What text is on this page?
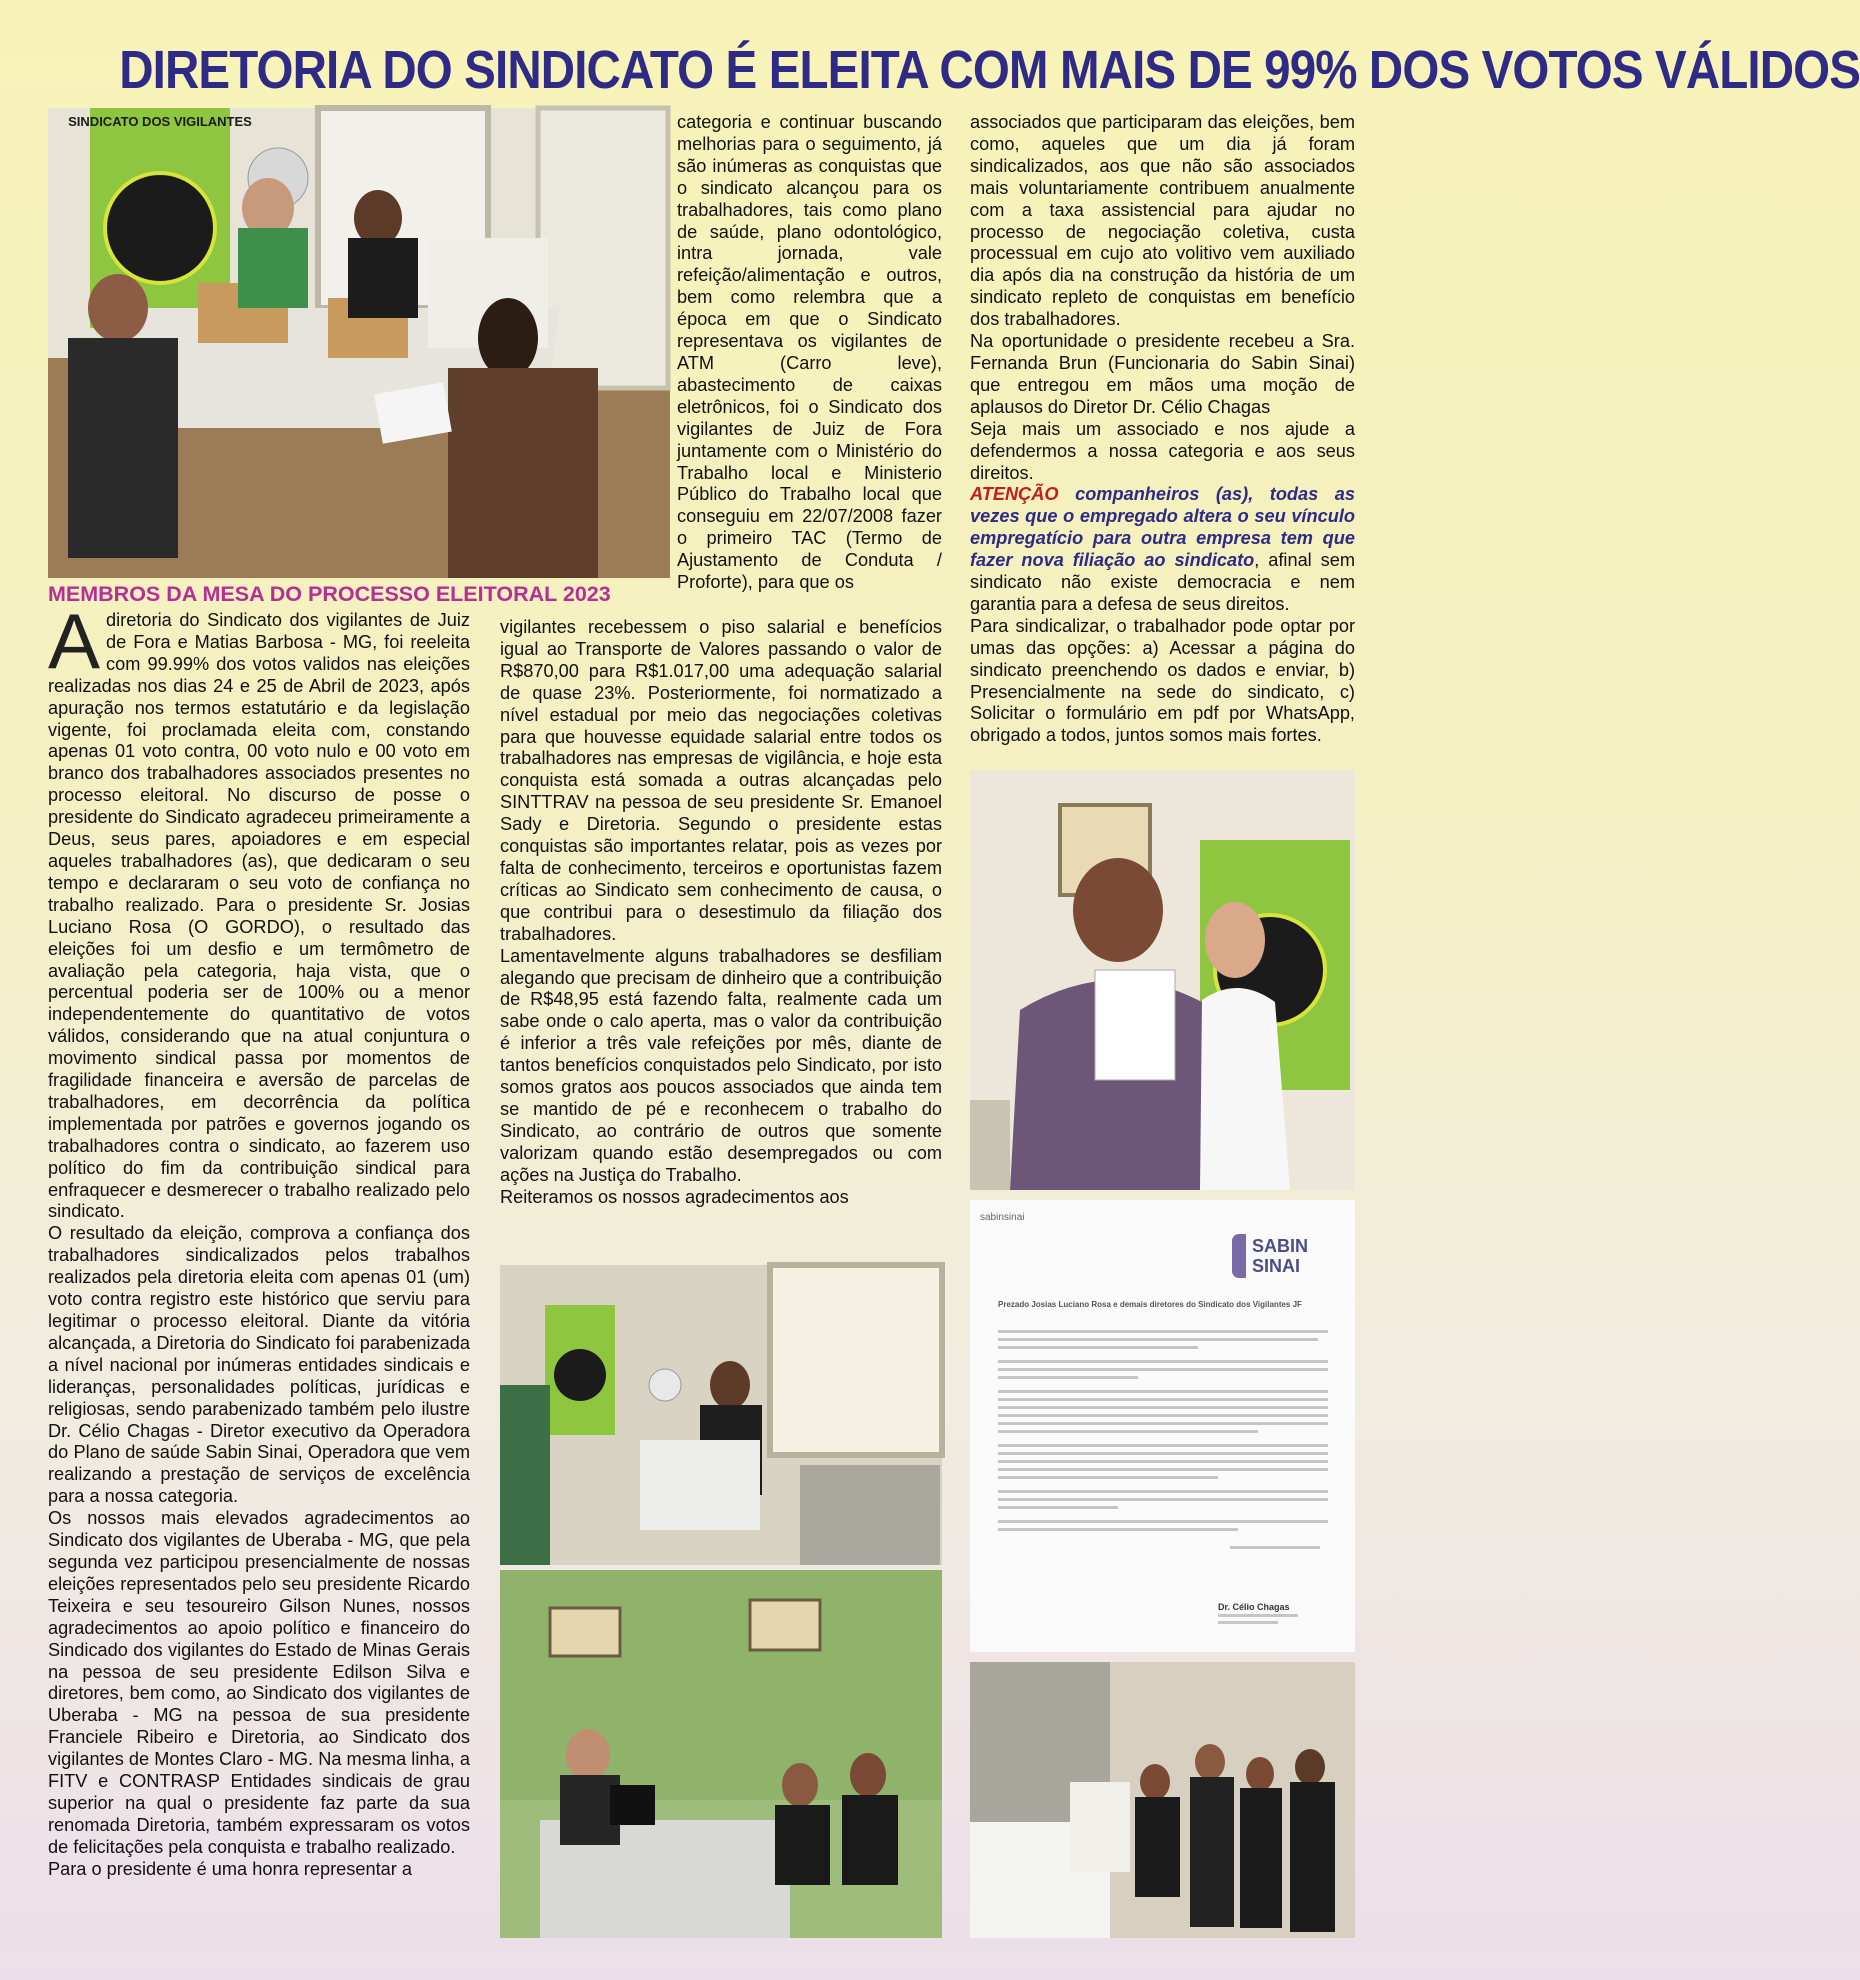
DIRETORIA DO SINDICATO É ELEITA COM MAIS DE 99% DOS VOTOS VÁLIDOS
SINDICATO DOS VIGILANTES
MEMBROS DA MESA DO PROCESSO ELEITORAL 2023

Adiretoria do Sindicato dos vigilantes de Juiz de Fora e Matias Barbosa - MG, foi reeleita com 99.99% dos votos validos nas eleições realizadas nos dias 24 e 25 de Abril de 2023, após apuração nos termos estatutário e da legislação vigente, foi proclamada eleita com, constando apenas 01 voto contra, 00 voto nulo e 00 voto em branco dos trabalhadores associados presentes no processo eleitoral. No discurso de posse o presidente do Sindicato agradeceu primeiramente a Deus, seus pares, apoiadores e em especial aqueles trabalhadores (as), que dedicaram o seu tempo e declararam o seu voto de confiança no trabalho realizado. Para o presidente Sr. Josias Luciano Rosa (O GORDO), o resultado das eleições foi um desfio e um termômetro de avaliação pela categoria, haja vista, que o percentual poderia ser de 100% ou a menor independentemente do quantitativo de votos válidos, considerando que na atual conjuntura o movimento sindical passa por momentos de fragilidade financeira e aversão de parcelas de trabalhadores, em decorrência da política implementada por patrões e governos jogando os trabalhadores contra o sindicato, ao fazerem uso político do fim da contribuição sindical para enfraquecer e desmerecer o trabalho realizado pelo sindicato.

O resultado da eleição, comprova a confiança dos trabalhadores sindicalizados pelos trabalhos realizados pela diretoria eleita com apenas 01 (um) voto contra registro este histórico que serviu para legitimar o processo eleitoral. Diante da vitória alcançada, a Diretoria do Sindicato foi parabenizada a nível nacional por inúmeras entidades sindicais e lideranças, personalidades políticas, jurídicas e religiosas, sendo parabenizado também pelo ilustre Dr. Célio Chagas - Diretor executivo da Operadora do Plano de saúde Sabin Sinai, Operadora que vem realizando a prestação de serviços de excelência para a nossa categoria.

Os nossos mais elevados agradecimentos ao Sindicato dos vigilantes de Uberaba - MG, que pela segunda vez participou presencialmente de nossas eleições representados pelo seu presidente Ricardo Teixeira e seu tesoureiro Gilson Nunes, nossos agradecimentos ao apoio político e financeiro do Sindicado dos vigilantes do Estado de Minas Gerais na pessoa de seu presidente Edilson Silva e diretores, bem como, ao Sindicato dos vigilantes de Uberaba - MG na pessoa de sua presidente Franciele Ribeiro e Diretoria, ao Sindicato dos vigilantes de Montes Claro - MG. Na mesma linha, a FITV e CONTRASP Entidades sindicais de grau superior na qual o presidente faz parte da sua renomada Diretoria, também expressaram os votos de felicitações pela conquista e trabalho realizado.

Para o presidente é uma honra representar a

categoria e continuar buscando melhorias para o seguimento, já são inúmeras as conquistas que o sindicato alcançou para os trabalhadores, tais como plano de saúde, plano odontológico, intra jornada, vale refeição/alimentação e outros, bem como relembra que a época em que o Sindicato representava os vigilantes de ATM (Carro leve), abastecimento de caixas eletrônicos, foi o Sindicato dos vigilantes de Juiz de Fora juntamente com o Ministério do Trabalho local e Ministerio Público do Trabalho local que conseguiu em 22/07/2008 fazer o primeiro TAC (Termo de Ajustamento de Conduta / Proforte), para que os

vigilantes recebessem o piso salarial e benefícios igual ao Transporte de Valores passando o valor de R$870,00 para R$1.017,00 uma adequação salarial de quase 23%. Posteriormente, foi normatizado a nível estadual por meio das negociações coletivas para que houvesse equidade salarial entre todos os trabalhadores nas empresas de vigilância, e hoje esta conquista está somada a outras alcançadas pelo SINTTRAV na pessoa de seu presidente Sr. Emanoel Sady e Diretoria. Segundo o presidente estas conquistas são importantes relatar, pois as vezes por falta de conhecimento, terceiros e oportunistas fazem críticas ao Sindicato sem conhecimento de causa, o que contribui para o desestimulo da filiação dos trabalhadores.

Lamentavelmente alguns trabalhadores se desfiliam alegando que precisam de dinheiro que a contribuição de R$48,95 está fazendo falta, realmente cada um sabe onde o calo aperta, mas o valor da contribuição é inferior a três vale refeições por mês, diante de tantos benefícios conquistados pelo Sindicato, por isto somos gratos aos poucos associados que ainda tem se mantido de pé e reconhecem o trabalho do Sindicato, ao contrário de outros que somente valorizam quando estão desempregados ou com ações na Justiça do Trabalho.

Reiteramos os nossos agradecimentos aos

associados que participaram das eleições, bem como, aqueles que um dia já foram sindicalizados, aos que não são associados mais voluntariamente contribuem anualmente com a taxa assistencial para ajudar no processo de negociação coletiva, custa processual em cujo ato volitivo vem auxiliado dia após dia na construção da história de um sindicato repleto de conquistas em benefício dos trabalhadores.

Na oportunidade o presidente recebeu a Sra. Fernanda Brun (Funcionaria do Sabin Sinai) que entregou em mãos uma moção de aplausos do Diretor Dr. Célio Chagas

Seja mais um associado e nos ajude a defendermos a nossa categoria e aos seus direitos.

ATENÇÃO companheiros (as), todas as vezes que o empregado altera o seu vínculo empregatício para outra empresa tem que fazer nova filiação ao sindicato, afinal sem sindicato não existe democracia e nem garantia para a defesa de seus direitos.

Para sindicalizar, o trabalhador pode optar por umas das opções: a) Acessar a página do sindicato preenchendo os dados e enviar, b) Presencialmente na sede do sindicato, c) Solicitar o formulário em pdf por WhatsApp, obrigado a todos, juntos somos mais fortes.

sabinsinai
SABIN SINAI
Prezado Josias Luciano Rosa e demais diretores do Sindicato dos Vigilantes JF
Dr. Célio Chagas
